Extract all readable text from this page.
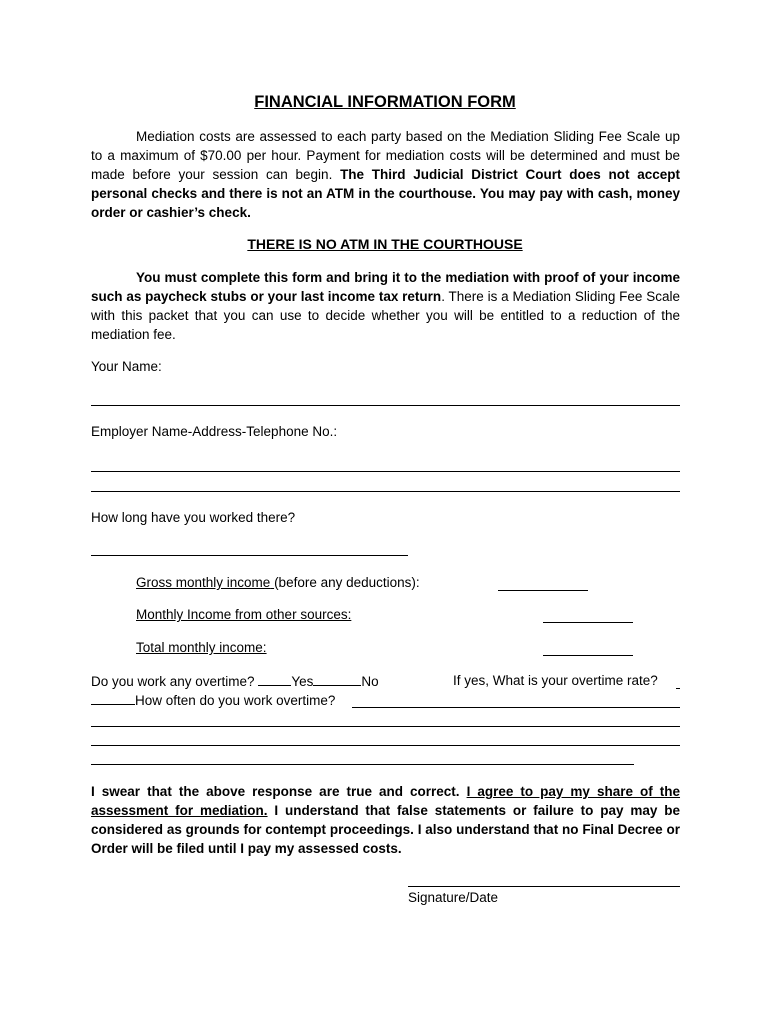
FINANCIAL INFORMATION FORM

Mediation costs are assessed to each party based on the Mediation Sliding Fee Scale up to a maximum of $70.00 per hour. Payment for mediation costs will be determined and must be made before your session can begin. The Third Judicial District Court does not accept personal checks and there is not an ATM in the courthouse. You may pay with cash, money order or cashier’s check.

THERE IS NO ATM IN THE COURTHOUSE

You must complete this form and bring it to the mediation with proof of your income such as paycheck stubs or your last income tax return. There is a Mediation Sliding Fee Scale with this packet that you can use to decide whether you will be entitled to a reduction of the mediation fee.

Your Name:
Employer Name-Address-Telephone No.:
How long have you worked there?
Gross monthly income (before any deductions):
Monthly Income from other sources:
Total monthly income:
Do you work any overtime? Yes	No	If yes, What is your overtime rate?
How often do you work overtime?

I swear that the above response are true and correct. I agree to pay my share of the assessment for mediation. I understand that false statements or failure to pay may be considered as grounds for contempt proceedings. I also understand that no Final Decree or Order will be filed until I pay my assessed costs.

Signature/Date
